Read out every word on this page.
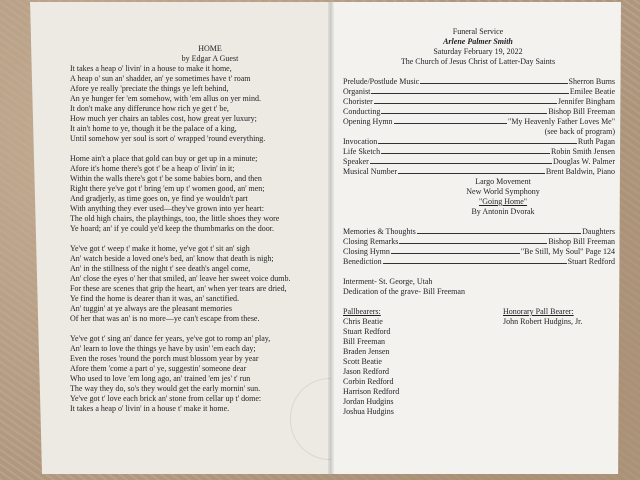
HOME
by Edgar A Guest
It takes a heap o' livin' in a house to make it home,
A heap o' sun an' shadder, an' ye sometimes have t' roam
Afore ye really 'preciate the things ye left behind,
An ye hunger fer 'em somehow, with 'em allus on yer mind.
It don't make any differunce how rich ye get t' be,
How much yer chairs an tables cost, how great yer luxury;
It ain't home to ye, though it be the palace of a king,
Until somehow yer soul is sort o' wrapped 'round everything.
Home ain't a place that gold can buy or get up in a minute;
Afore it's home there's got t' be a heap o' livin' in it;
Within the walls there's got t' be some babies born, and then
Right there ye've got t' bring 'em up t' women good, an' men;
And gradjerly, as time goes on, ye find ye wouldn't part
With anything they ever used—they've grown into yer heart:
The old high chairs, the playthings, too, the little shoes they wore
Ye hoard; an' if ye could ye'd keep the thumbmarks on the door.
Ye've got t' weep t' make it home, ye've got t' sit an' sigh
An' watch beside a loved one's bed, an' know that death is nigh;
An' in the stillness of the night t' see death's angel come,
An' close the eyes o' her that smiled, an' leave her sweet voice dumb.
For these are scenes that grip the heart, an' when yer tears are dried,
Ye find the home is dearer than it was, an' sanctified.
An' tuggin' at ye always are the pleasant memories
Of her that was an' is no more—ye can't escape from these.
Ye've got t' sing an' dance fer years, ye've got to romp an' play,
An' learn to love the things ye have by usin' 'em each day;
Even the roses 'round the porch must blossom year by year
Afore them 'come a part o' ye, suggestin' someone dear
Who used to love 'em long ago, an' trained 'em jes' t' run
The way they do, so's they would get the early mornin' sun.
Ye've got t' love each brick an' stone from cellar up t' dome:
It takes a heap o' livin' in a house t' make it home.
Funeral Service
Arlene Palmer Smith
Saturday February 19, 2022
The Church of Jesus Christ of Latter-Day Saints
Prelude/Postlude Music	Sherron Burns
Organist	Emilee Beatie
Chorister	Jennifer Bingham
Conducting	Bishop Bill Freeman
Opening Hymn	"My Heavenly Father Loves Me"
(see back of program)
Invocation	Ruth Pagan
Life Sketch	Robin Smith Jensen
Speaker	Douglas W. Palmer
Musical Number	Brent Baldwin, Piano
Largo Movement
New World Symphony
"Going Home"
By Antonin Dvorak
Memories & Thoughts	Daughters
Closing Remarks	Bishop Bill Freeman
Closing Hymn	"Be Still, My Soul" Page 124
Benediction	Stuart Redford
Interment- St. George, Utah
Dedication of the grave- Bill Freeman
Pallbearers:
Chris Beatie
Stuart Redford
Bill Freeman
Braden Jensen
Scott Beatie
Jason Redford
Corbin Redford
Harrison Redford
Jordan Hudgins
Joshua Hudgins
Honorary Pall Bearer:
John Robert Hudgins, Jr.
